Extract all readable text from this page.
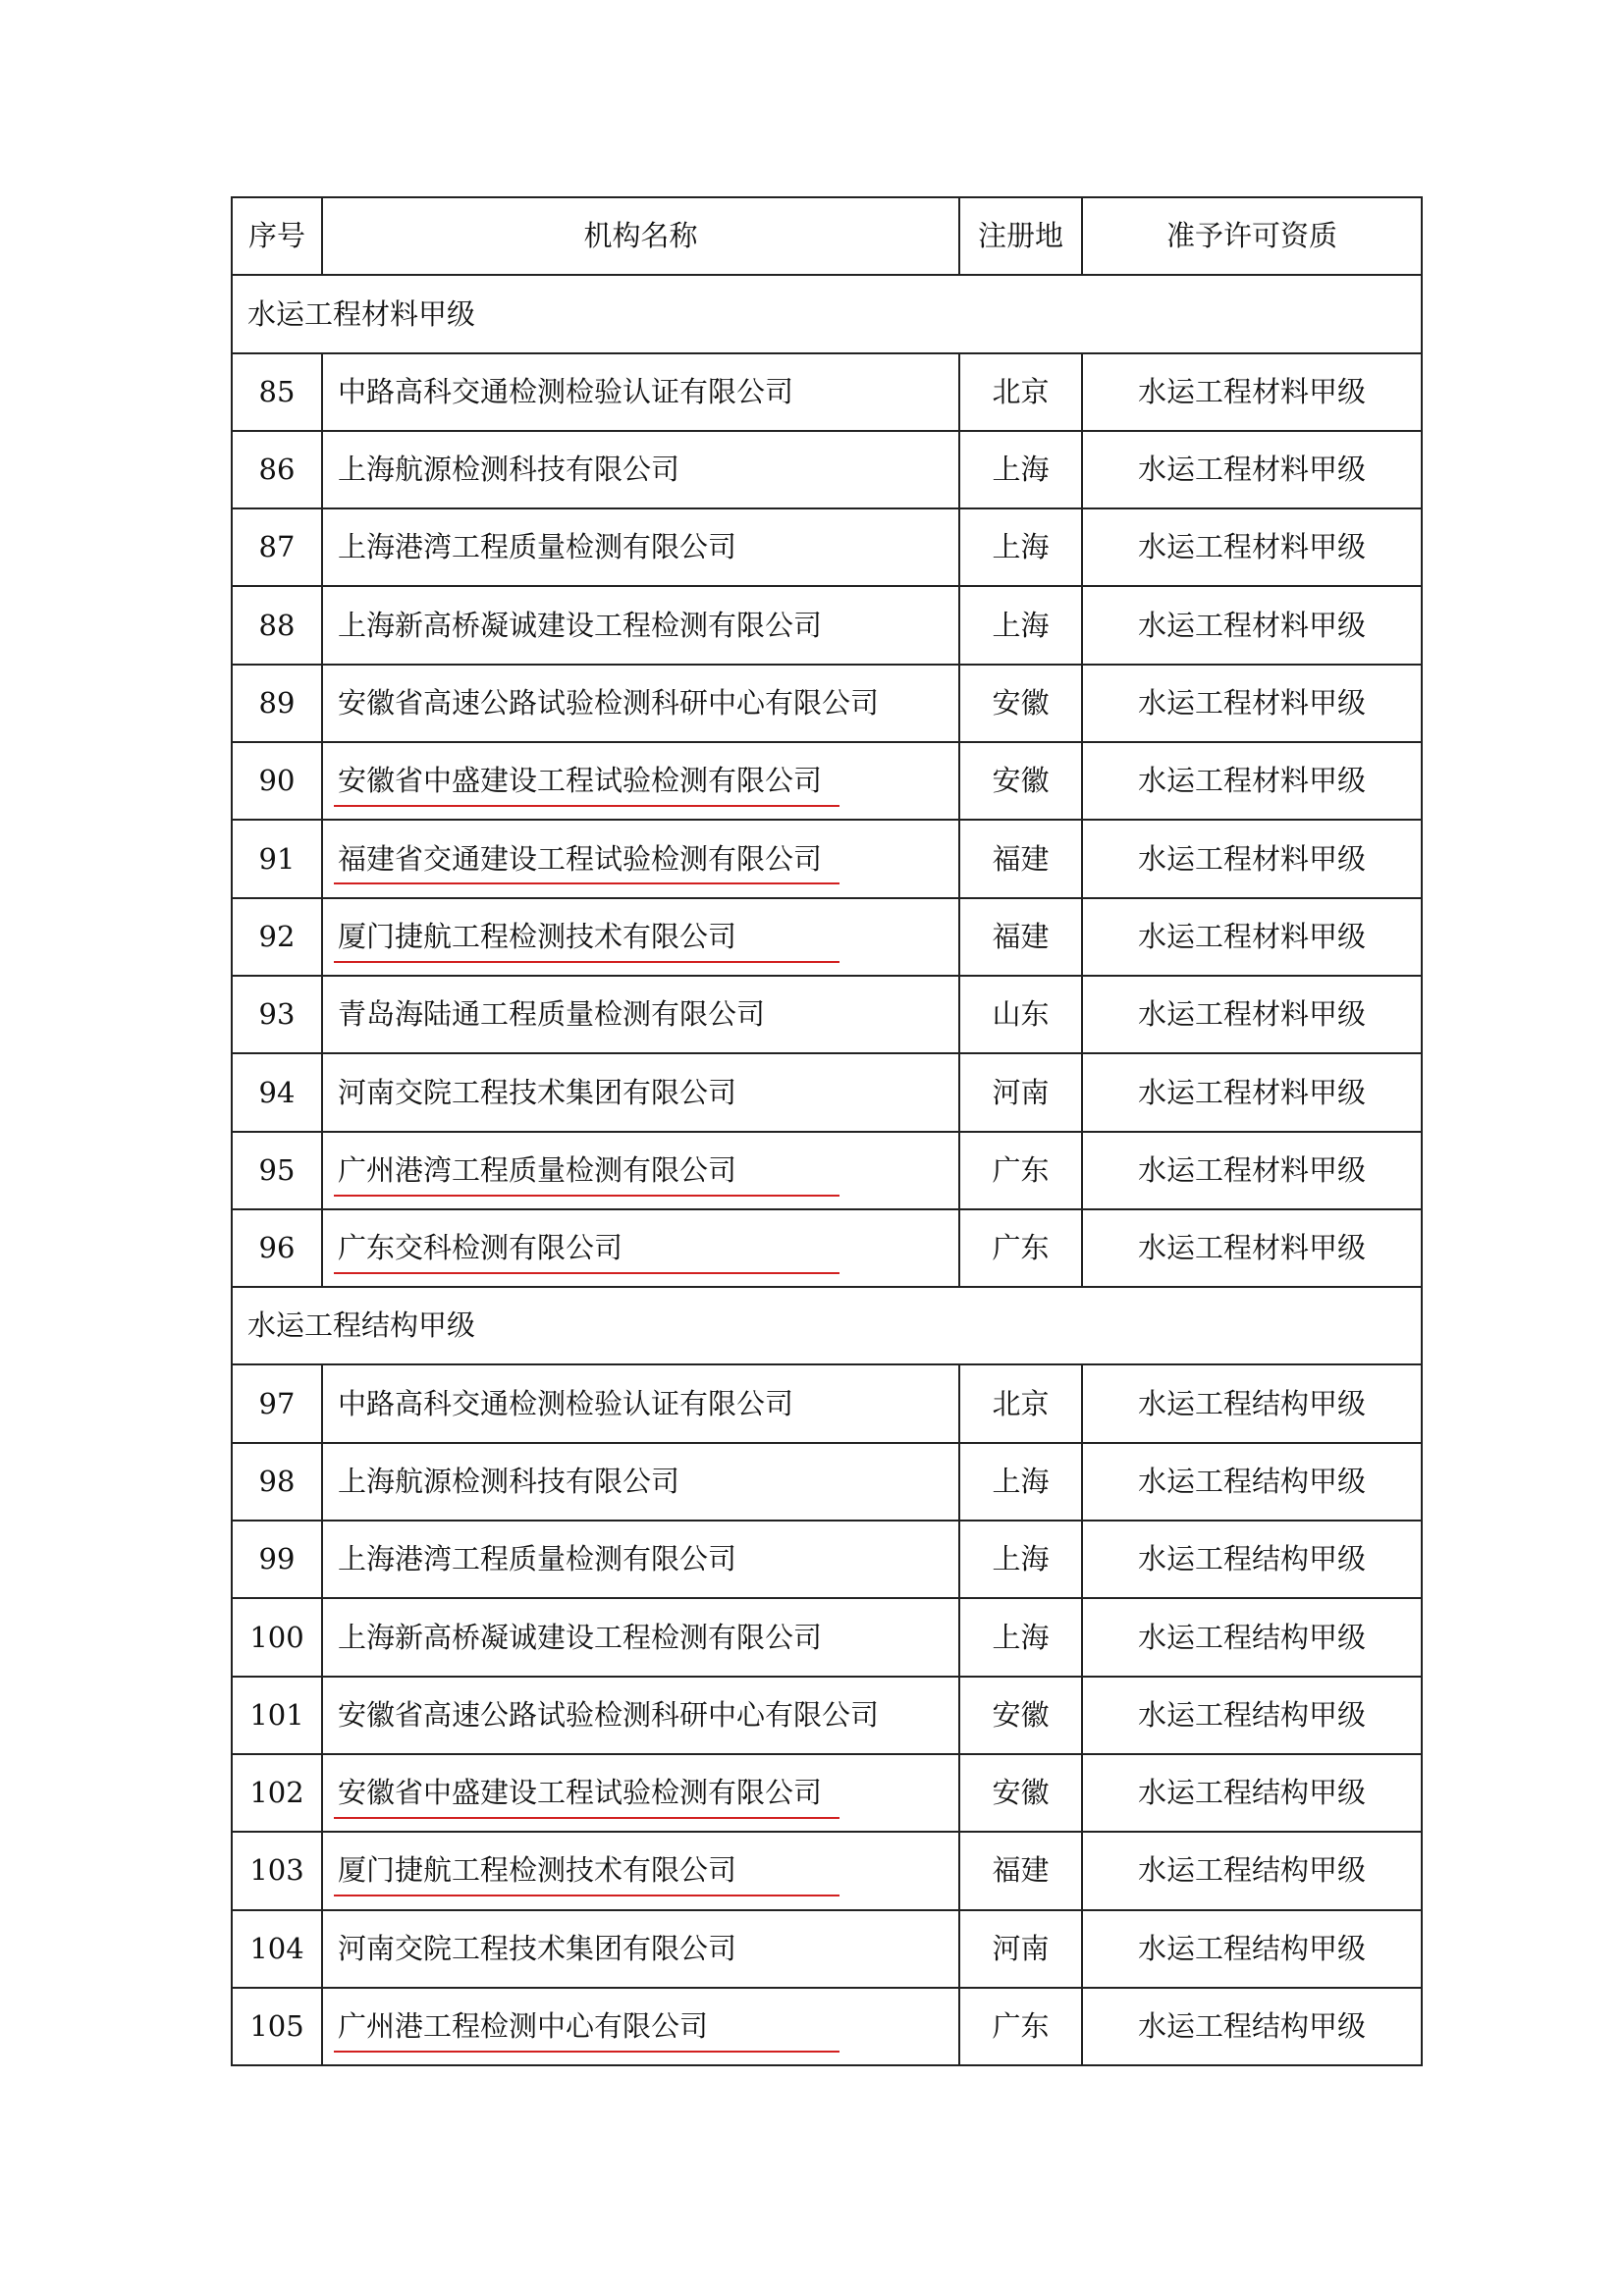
序号	机构名称	注册地	准予许可资质
水运工程材料甲级			
85	中路高科交通检测检验认证有限公司	北京	水运工程材料甲级
86	上海航源检测科技有限公司	上海	水运工程材料甲级
87	上海港湾工程质量检测有限公司	上海	水运工程材料甲级
88	上海新高桥凝诚建设工程检测有限公司	上海	水运工程材料甲级
89	安徽省高速公路试验检测科研中心有限公司	安徽	水运工程材料甲级
90	安徽省中盛建设工程试验检测有限公司	安徽	水运工程材料甲级
91	福建省交通建设工程试验检测有限公司	福建	水运工程材料甲级
92	厦门捷航工程检测技术有限公司	福建	水运工程材料甲级
93	青岛海陆通工程质量检测有限公司	山东	水运工程材料甲级
94	河南交院工程技术集团有限公司	河南	水运工程材料甲级
95	广州港湾工程质量检测有限公司	广东	水运工程材料甲级
96	广东交科检测有限公司	广东	水运工程材料甲级
水运工程结构甲级			
97	中路高科交通检测检验认证有限公司	北京	水运工程结构甲级
98	上海航源检测科技有限公司	上海	水运工程结构甲级
99	上海港湾工程质量检测有限公司	上海	水运工程结构甲级
100	上海新高桥凝诚建设工程检测有限公司	上海	水运工程结构甲级
101	安徽省高速公路试验检测科研中心有限公司	安徽	水运工程结构甲级
102	安徽省中盛建设工程试验检测有限公司	安徽	水运工程结构甲级
103	厦门捷航工程检测技术有限公司	福建	水运工程结构甲级
104	河南交院工程技术集团有限公司	河南	水运工程结构甲级
105	广州港工程检测中心有限公司	广东	水运工程结构甲级
